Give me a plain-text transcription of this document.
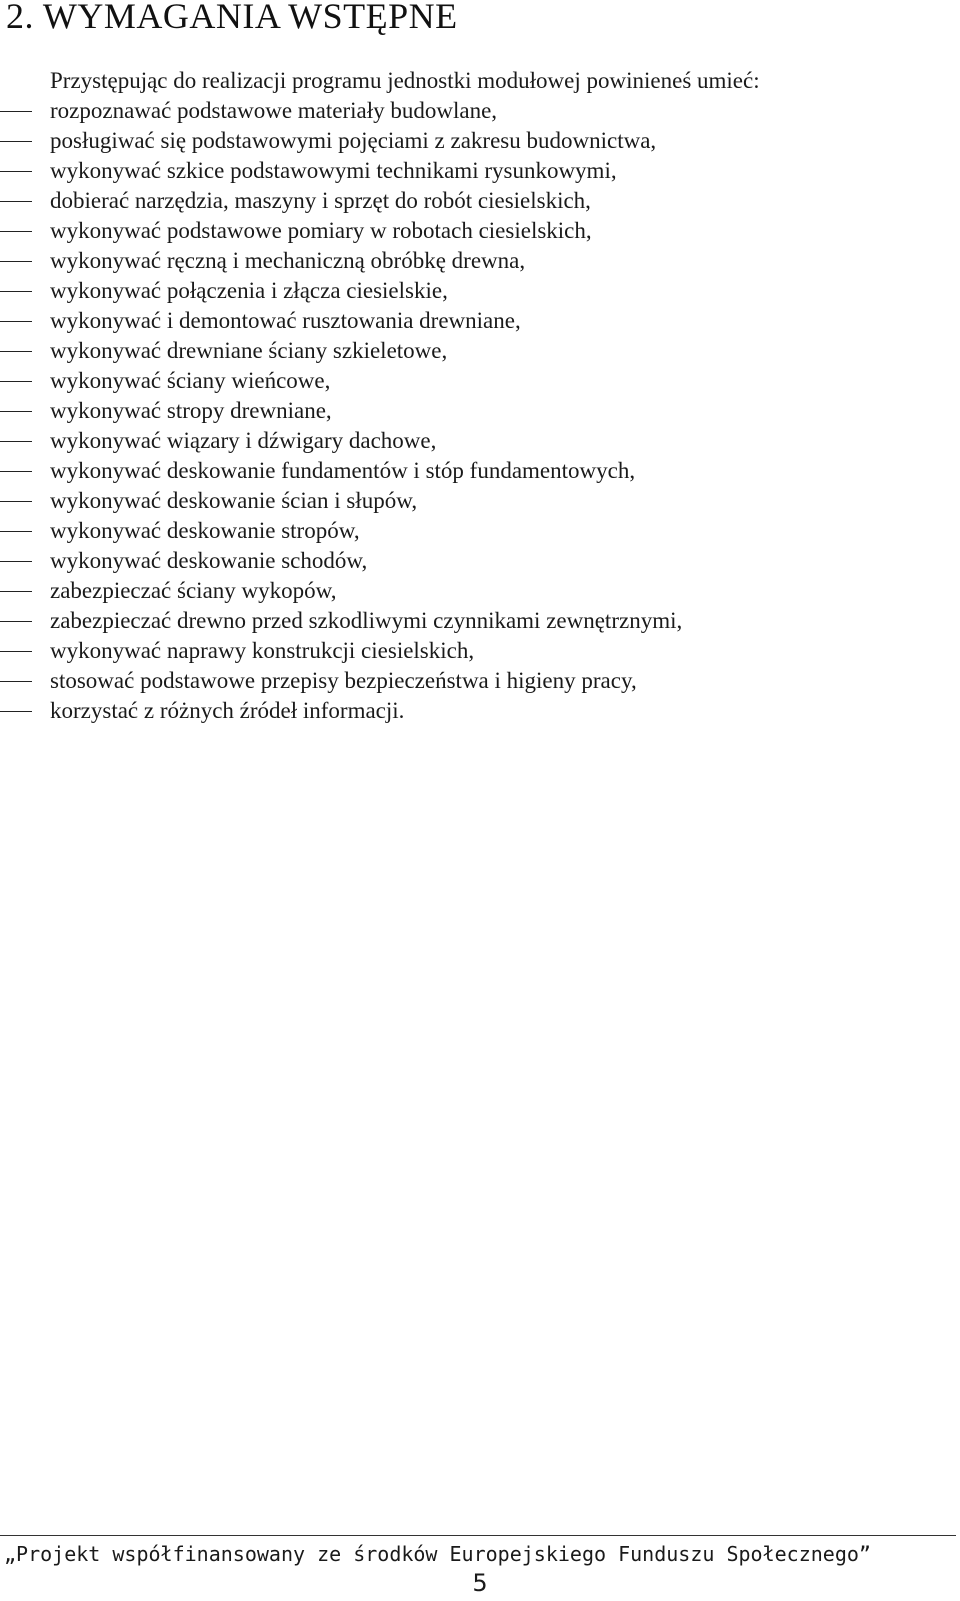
2. WYMAGANIA WSTĘPNE

Przystępując do realizacji programu jednostki modułowej powinieneś umieć:

rozpoznawać podstawowe materiały budowlane,
posługiwać się podstawowymi pojęciami z zakresu budownictwa,
wykonywać szkice podstawowymi technikami rysunkowymi,
dobierać narzędzia, maszyny i sprzęt do robót ciesielskich,
wykonywać podstawowe pomiary w robotach ciesielskich,
wykonywać ręczną i mechaniczną obróbkę drewna,
wykonywać połączenia i złącza ciesielskie,
wykonywać i demontować rusztowania drewniane,
wykonywać drewniane ściany szkieletowe,
wykonywać ściany wieńcowe,
wykonywać stropy drewniane,
wykonywać wiązary i dźwigary dachowe,
wykonywać deskowanie fundamentów i stóp fundamentowych,
wykonywać deskowanie ścian i słupów,
wykonywać deskowanie stropów,
wykonywać deskowanie schodów,
zabezpieczać ściany wykopów,
zabezpieczać drewno przed szkodliwymi czynnikami zewnętrznymi,
wykonywać naprawy konstrukcji ciesielskich,
stosować podstawowe przepisy bezpieczeństwa i higieny pracy,
korzystać z różnych źródeł informacji.
„Projekt współfinansowany ze środków Europejskiego Funduszu Społecznego”
5
